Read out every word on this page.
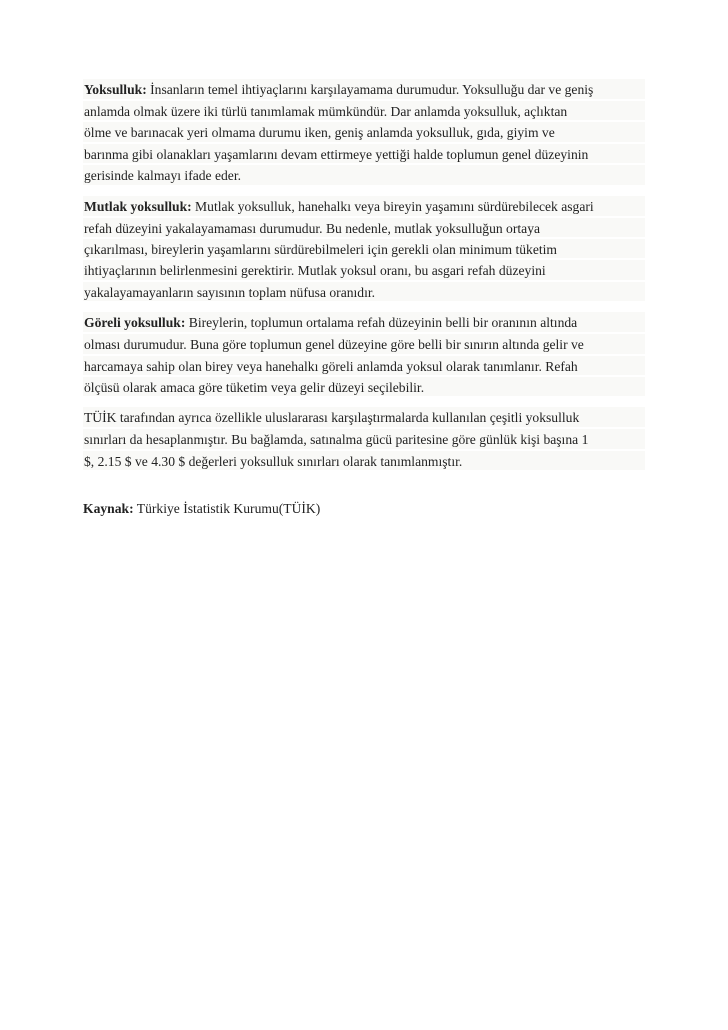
Yoksulluk: İnsanların temel ihtiyaçlarını karşılayamama durumudur. Yoksulluğu dar ve geniş
anlamda olmak üzere iki türlü tanımlamak mümkündür. Dar anlamda yoksulluk, açlıktan
ölme ve barınacak yeri olmama durumu iken, geniş anlamda yoksulluk, gıda, giyim ve
barınma gibi olanakları yaşamlarını devam ettirmeye yettiği halde toplumun genel düzeyinin
gerisinde kalmayı ifade eder.
Mutlak yoksulluk: Mutlak yoksulluk, hanehalkı veya bireyin yaşamını sürdürebilecek asgari
refah düzeyini yakalayamaması durumudur. Bu nedenle, mutlak yoksulluğun ortaya
çıkarılması, bireylerin yaşamlarını sürdürebilmeleri için gerekli olan minimum tüketim
ihtiyaçlarının belirlenmesini gerektirir. Mutlak yoksul oranı, bu asgari refah düzeyini
yakalayamayanların sayısının toplam nüfusa oranıdır.
Göreli yoksulluk: Bireylerin, toplumun ortalama refah düzeyinin belli bir oranının altında
olması durumudur. Buna göre toplumun genel düzeyine göre belli bir sınırın altında gelir ve
harcamaya sahip olan birey veya hanehalkı göreli anlamda yoksul olarak tanımlanır. Refah
ölçüsü olarak amaca göre tüketim veya gelir düzeyi seçilebilir.
TÜİK tarafından ayrıca özellikle uluslararası karşılaştırmalarda kullanılan çeşitli yoksulluk
sınırları da hesaplanmıştır. Bu bağlamda, satınalma gücü paritesine göre günlük kişi başına 1
$, 2.15 $ ve 4.30 $ değerleri yoksulluk sınırları olarak tanımlanmıştır.
Kaynak: Türkiye İstatistik Kurumu(TÜİK)
